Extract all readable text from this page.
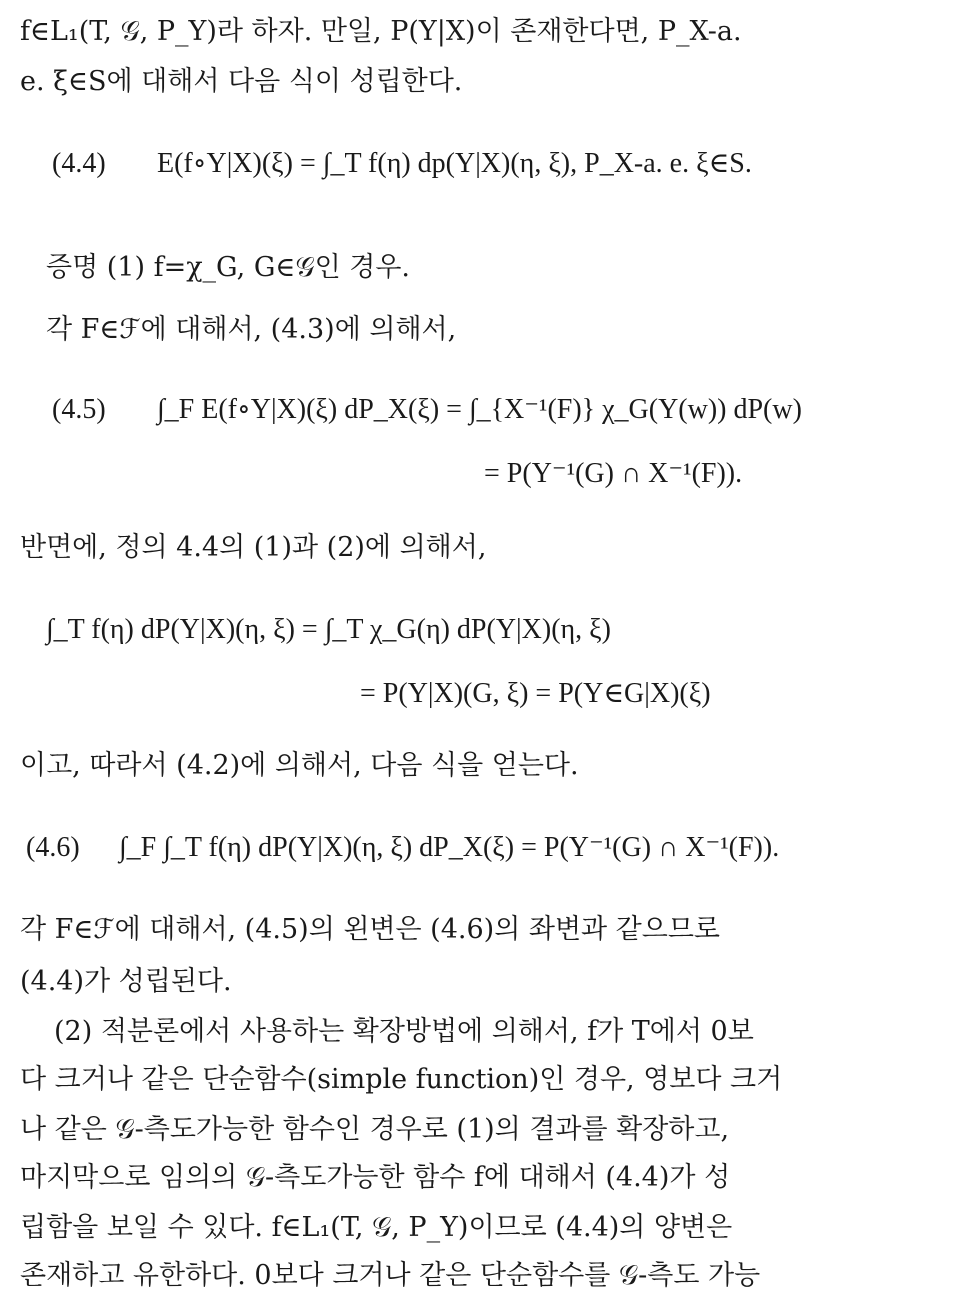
f∈L₁(T, 𝒢, P_Y)라 하자. 만일, P(Y|X)이 존재한다면, P_X-a.
e. ξ∈S에 대해서 다음 식이 성립한다.
(4.4) E(f∘Y|X)(ξ) = ∫_T f(η) dp(Y|X)(η, ξ), P_X-a. e. ξ∈S.
증명 (1) f=χ_G, G∈𝒢인 경우.
각 F∈ℱ에 대해서, (4.3)에 의해서,
(4.5) ∫_F E(f∘Y|X)(ξ) dP_X(ξ) = ∫_{X⁻¹(F)} χ_G(Y(w)) dP(w)
= P(Y⁻¹(G) ∩ X⁻¹(F)).
반면에, 정의 4.4의 (1)과 (2)에 의해서,
∫_T f(η) dP(Y|X)(η, ξ) = ∫_T χ_G(η) dP(Y|X)(η, ξ)
= P(Y|X)(G, ξ) = P(Y∈G|X)(ξ)
이고, 따라서 (4.2)에 의해서, 다음 식을 얻는다.
(4.6) ∫_F ∫_T f(η) dP(Y|X)(η, ξ) dP_X(ξ) = P(Y⁻¹(G) ∩ X⁻¹(F)).
각 F∈ℱ에 대해서, (4.5)의 왼변은 (4.6)의 좌변과 같으므로
(4.4)가 성립된다.
(2) 적분론에서 사용하는 확장방법에 의해서, f가 T에서 0보
다 크거나 같은 단순함수(simple function)인 경우, 영보다 크거
나 같은 𝒢-측도가능한 함수인 경우로 (1)의 결과를 확장하고,
마지막으로 임의의 𝒢-측도가능한 함수 f에 대해서 (4.4)가 성
립함을 보일 수 있다. f∈L₁(T, 𝒢, P_Y)이므로 (4.4)의 양변은
존재하고 유한하다. 0보다 크거나 같은 단순함수를 𝒢-측도 가능
